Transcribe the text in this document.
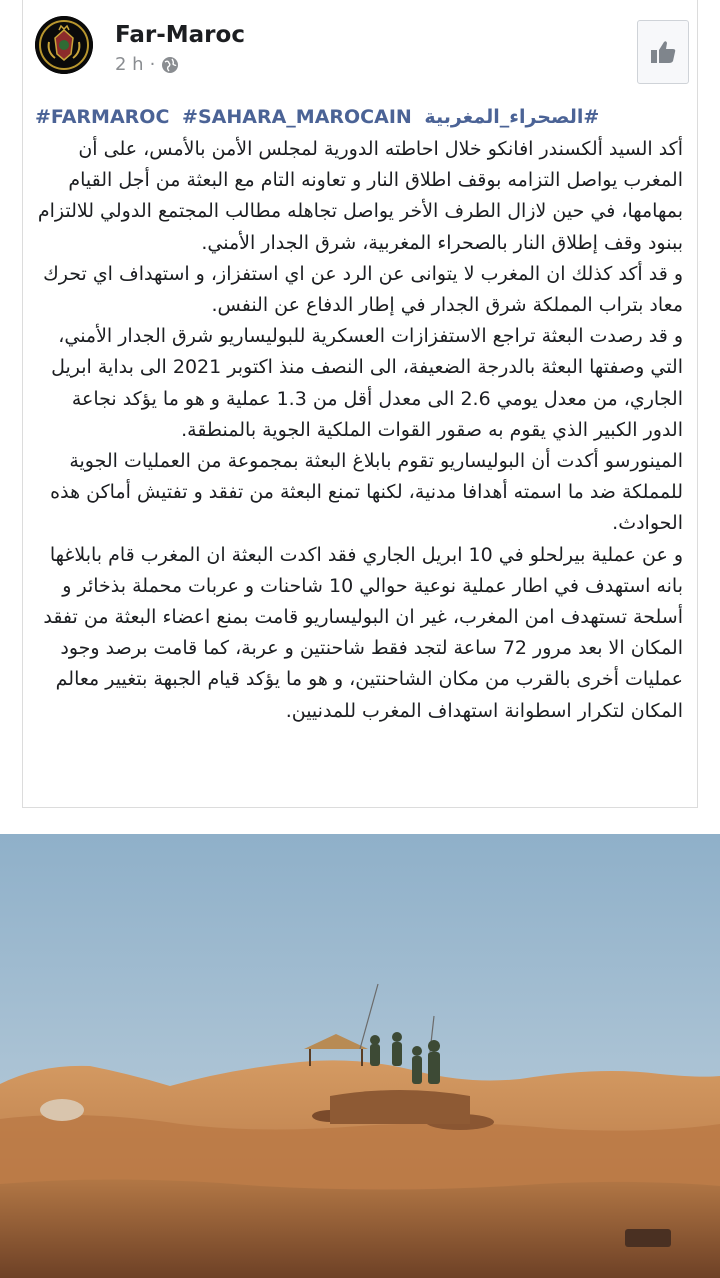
Far-Maroc
2 h ·
#FARMAROC #SAHARA_MAROCAIN #الصحراء_المغربية

أكد السيد ألكسندر افانكو خلال احاطته الدورية لمجلس الأمن بالأمس، على أن المغرب يواصل التزامه بوقف اطلاق النار و تعاونه التام مع البعثة من أجل القيام بمهامها، في حين لازال الطرف الأخر يواصل تجاهله مطالب المجتمع الدولي للالتزام ببنود وقف إطلاق النار بالصحراء المغربية، شرق الجدار الأمني.

و قد أكد كذلك ان المغرب لا يتوانى عن الرد عن اي استفزاز، و استهداف اي تحرك معاد بتراب المملكة شرق الجدار في إطار الدفاع عن النفس.

و قد رصدت البعثة تراجع الاستفزازات العسكرية للبوليساريو شرق الجدار الأمني، التي وصفتها البعثة بالدرجة الضعيفة، الى النصف منذ اكتوبر 2021 الى بداية ابريل الجاري، من معدل يومي 2.6 الى معدل أقل من 1.3 عملية و هو ما يؤكد نجاعة الدور الكبير الذي يقوم به صقور القوات الملكية الجوية بالمنطقة.

المينورسو أكدت أن البوليساريو تقوم بابلاغ البعثة بمجموعة من العمليات الجوية للمملكة ضد ما اسمته أهدافا مدنية، لكنها تمنع البعثة من تفقد و تفتيش أماكن هذه الحوادث.

و عن عملية بيرلحلو في 10 ابريل الجاري فقد اكدت البعثة ان المغرب قام بابلاغها بانه استهدف في اطار عملية نوعية حوالي 10 شاحنات و عربات محملة بذخائر و أسلحة تستهدف امن المغرب، غير ان البوليساريو قامت بمنع اعضاء البعثة من تفقد المكان الا بعد مرور 72 ساعة لتجد فقط شاحنتين و عربة، كما قامت برصد وجود عمليات أخرى بالقرب من مكان الشاحنتين، و هو ما يؤكد قيام الجبهة بتغيير معالم المكان لتكرار اسطوانة استهداف المغرب للمدنيين.
